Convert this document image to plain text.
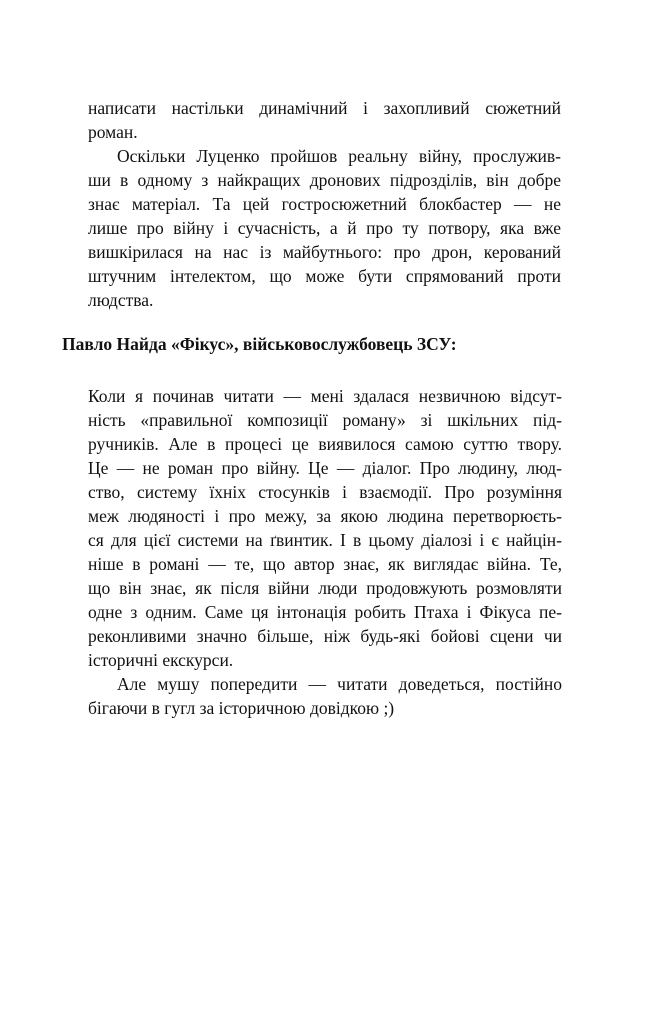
написати настільки динамічний і захопливий сюжетний

роман.

Оскільки Луценко пройшов реальну війну, прослужив-

ши в одному з найкращих дронових підрозділів, він добре

знає матеріал. Та цей гостросюжетний блокбастер — не

лише про війну і сучасність, а й про ту потвору, яка вже

вишкірилася на нас із майбутнього: про дрон, керований

штучним інтелектом, що може бути спрямований проти

людства.

Павло Найда «Фікус», військовослужбовець ЗСУ:

Коли я починав читати — мені здалася незвичною відсут-

ність «правильної композиції роману» зі шкільних під-

ручників. Але в процесі це виявилося самою суттю твору.

Це — не роман про війну. Це — діалог. Про людину, люд-

ство, систему їхніх стосунків і взаємодії. Про розуміння

меж людяності і про межу, за якою людина перетворюєть-

ся для цієї системи на ґвинтик. І в цьому діалозі і є найцін-

ніше в романі — те, що автор знає, як виглядає війна. Те,

що він знає, як після війни люди продовжують розмовляти

одне з одним. Саме ця інтонація робить Птаха і Фікуса пе-

реконливими значно більше, ніж будь-які бойові сцени чи

історичні екскурси.

Але мушу попередити — читати доведеться, постійно

бігаючи в гугл за історичною довідкою ;)
